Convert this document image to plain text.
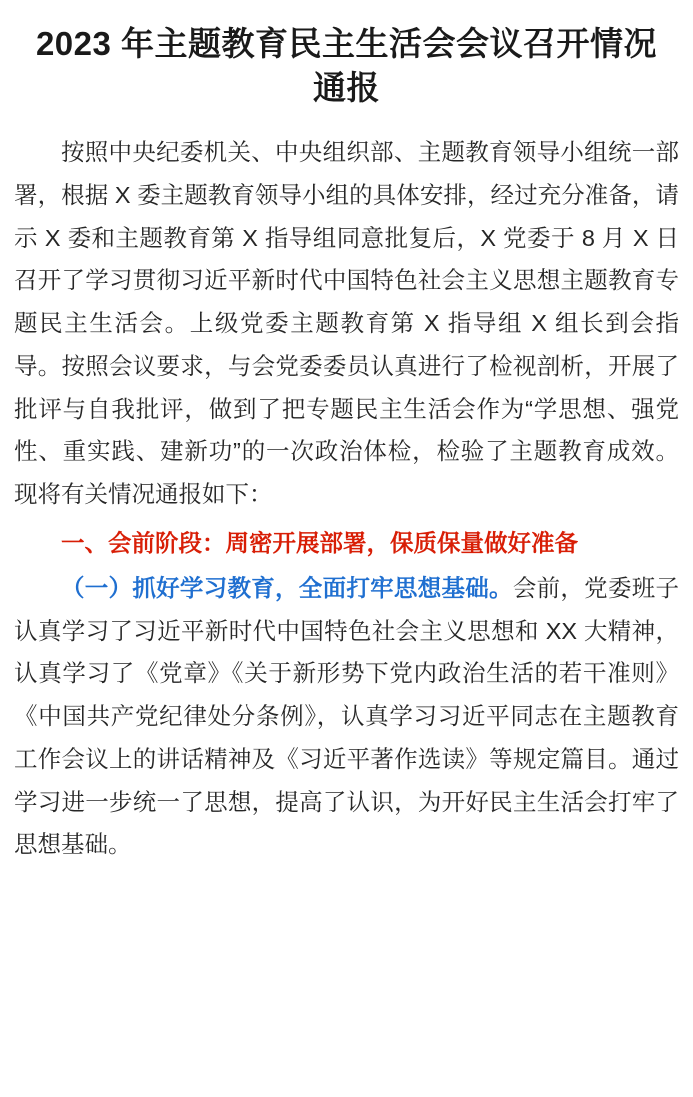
2023 年主题教育民主生活会会议召开情况通报

按照中央纪委机关、中央组织部、主题教育领导小组统一部署，根据 X 委主题教育领导小组的具体安排，经过充分准备，请示 X 委和主题教育第 X 指导组同意批复后，X 党委于 8 月 X 日召开了学习贯彻习近平新时代中国特色社会主义思想主题教育专题民主生活会。上级党委主题教育第 X 指导组 X 组长到会指导。按照会议要求，与会党委委员认真进行了检视剖析，开展了批评与自我批评，做到了把专题民主生活会作为“学思想、强党性、重实践、建新功”的一次政治体检，检验了主题教育成效。现将有关情况通报如下：

一、会前阶段：周密开展部署，保质保量做好准备

（一）抓好学习教育，全面打牢思想基础。会前，党委班子认真学习了习近平新时代中国特色社会主义思想和 XX 大精神，认真学习了《党章》《关于新形势下党内政治生活的若干准则》《中国共产党纪律处分条例》，认真学习习近平同志在主题教育工作会议上的讲话精神及《习近平著作选读》等规定篇目。通过学习进一步统一了思想，提高了认识，为开好民主生活会打牢了思想基础。
